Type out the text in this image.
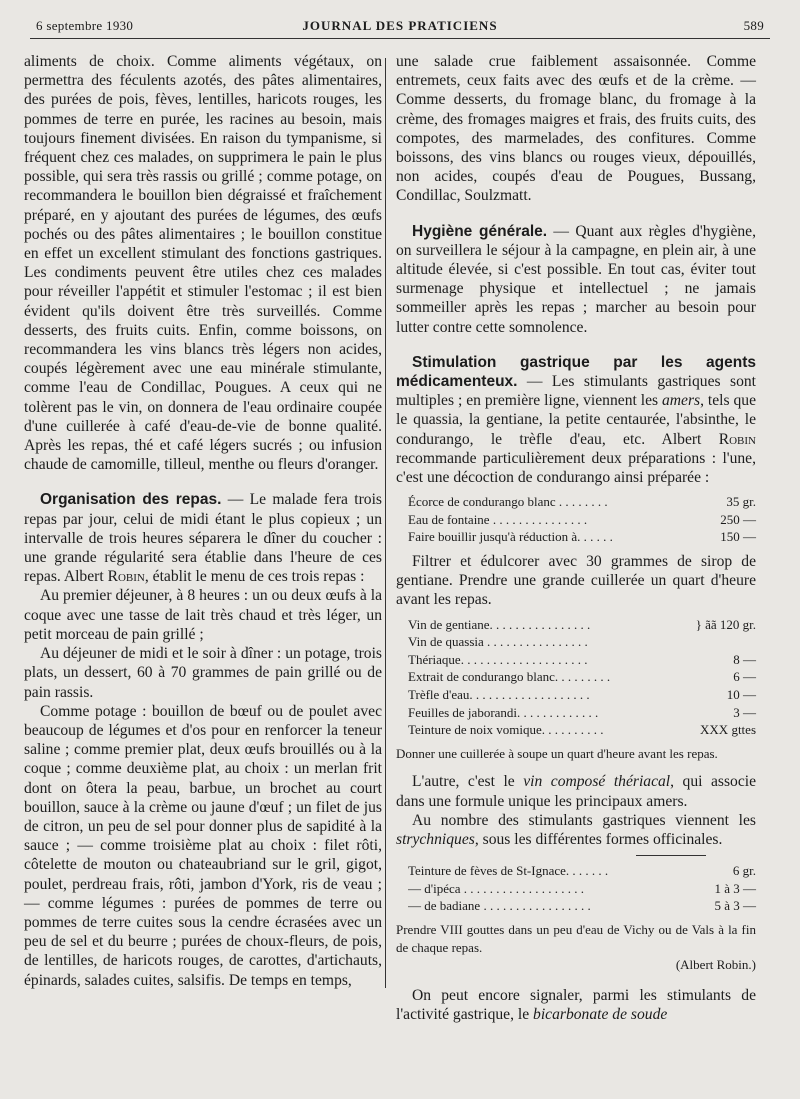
6 septembre 1930	JOURNAL DES PRATICIENS	589

aliments de choix. Comme aliments végétaux, on permettra des féculents azotés, des pâtes alimentaires, des purées de pois, fèves, lentilles, haricots rouges, les pommes de terre en purée, les racines au besoin, mais toujours finement divisées. En raison du tympanisme, si fréquent chez ces malades, on supprimera le pain le plus possible, qui sera très rassis ou grillé ; comme potage, on recommandera le bouillon bien dégraissé et fraîchement préparé, en y ajoutant des purées de légumes, des œufs pochés ou des pâtes alimentaires ; le bouillon constitue en effet un excellent stimulant des fonctions gastriques. Les condiments peuvent être utiles chez ces malades pour réveiller l'appétit et stimuler l'estomac ; il est bien évident qu'ils doivent être très surveillés. Comme desserts, des fruits cuits. Enfin, comme boissons, on recommandera les vins blancs très légers non acides, coupés légèrement avec une eau minérale stimulante, comme l'eau de Condillac, Pougues. A ceux qui ne tolèrent pas le vin, on donnera de l'eau ordinaire coupée d'une cuillerée à café d'eau-de-vie de bonne qualité. Après les repas, thé et café légers sucrés ; ou infusion chaude de camomille, tilleul, menthe ou fleurs d'oranger.

Organisation des repas. — Le malade fera trois repas par jour, celui de midi étant le plus copieux ; un intervalle de trois heures séparera le dîner du coucher : une grande régularité sera établie dans l'heure de ces repas. Albert Robin, établit le menu de ces trois repas :

Au premier déjeuner, à 8 heures : un ou deux œufs à la coque avec une tasse de lait très chaud et très léger, un petit morceau de pain grillé ;

Au déjeuner de midi et le soir à dîner : un potage, trois plats, un dessert, 60 à 70 grammes de pain grillé ou de pain rassis.

Comme potage : bouillon de bœuf ou de poulet avec beaucoup de légumes et d'os pour en renforcer la teneur saline ; comme premier plat, deux œufs brouillés ou à la coque ; comme deuxième plat, au choix : un merlan frit dont on ôtera la peau, barbue, un brochet au court bouillon, sauce à la crème ou jaune d'œuf ; un filet de jus de citron, un peu de sel pour donner plus de sapidité à la sauce ; — comme troisième plat au choix : filet rôti, côtelette de mouton ou chateaubriand sur le gril, gigot, poulet, perdreau frais, rôti, jambon d'York, ris de veau ; — comme légumes : purées de pommes de terre ou pommes de terre cuites sous la cendre écrasées avec un peu de sel et du beurre ; purées de choux-fleurs, de pois, de lentilles, de haricots rouges, de carottes, d'artichauts, épinards, salades cuites, salsifis. De temps en temps,

une salade crue faiblement assaisonnée. Comme entremets, ceux faits avec des œufs et de la crème. — Comme desserts, du fromage blanc, du fromage à la crème, des fromages maigres et frais, des fruits cuits, des compotes, des marmelades, des confitures. Comme boissons, des vins blancs ou rouges vieux, dépouillés, non acides, coupés d'eau de Pougues, Bussang, Condillac, Soulzmatt.

Hygiène générale. — Quant aux règles d'hygiène, on surveillera le séjour à la campagne, en plein air, à une altitude élevée, si c'est possible. En tout cas, éviter tout surmenage physique et intellectuel ; ne jamais sommeiller après les repas ; marcher au besoin pour lutter contre cette somnolence.

Stimulation gastrique par les agents médicamenteux. — Les stimulants gastriques sont multiples ; en première ligne, viennent les amers, tels que le quassia, la gentiane, la petite centaurée, l'absinthe, le condurango, le trèfle d'eau, etc. Albert Robin recommande particulièrement deux préparations : l'une, c'est une décoction de condurango ainsi préparée :

Écorce de condurango blanc . . . . . . . .	35 gr.
Eau de fontaine . . . . . . . . . . . . . . .	250 —
Faire bouillir jusqu'à réduction à. . . . . .	150 —

Filtrer et édulcorer avec 30 grammes de sirop de gentiane. Prendre une grande cuillerée un quart d'heure avant les repas.

Vin de gentiane. . . . . . . . . . . . . . . .	} ãã 120 gr.
Vin de quassia . . . . . . . . . . . . . . . .
Thériaque. . . . . . . . . . . . . . . . . . . .	8 —
Extrait de condurango blanc. . . . . . . . .	6 —
Trèfle d'eau. . . . . . . . . . . . . . . . . . .	10 —
Feuilles de jaborandi. . . . . . . . . . . . .	3 —
Teinture de noix vomique. . . . . . . . . .	XXX gttes

Donner une cuillerée à soupe un quart d'heure avant les repas.

L'autre, c'est le vin composé thériacal, qui associe dans une formule unique les principaux amers.

Au nombre des stimulants gastriques viennent les strychniques, sous les différentes formes officinales.

Teinture de fèves de St-Ignace. . . . . . .	6 gr.
— d'ipéca . . . . . . . . . . . . . . . . . . .	1 à 3 —
— de badiane . . . . . . . . . . . . . . . . .	5 à 3 —

Prendre VIII gouttes dans un peu d'eau de Vichy ou de Vals à la fin de chaque repas.

(Albert Robin.)

On peut encore signaler, parmi les stimulants de l'activité gastrique, le bicarbonate de soude
